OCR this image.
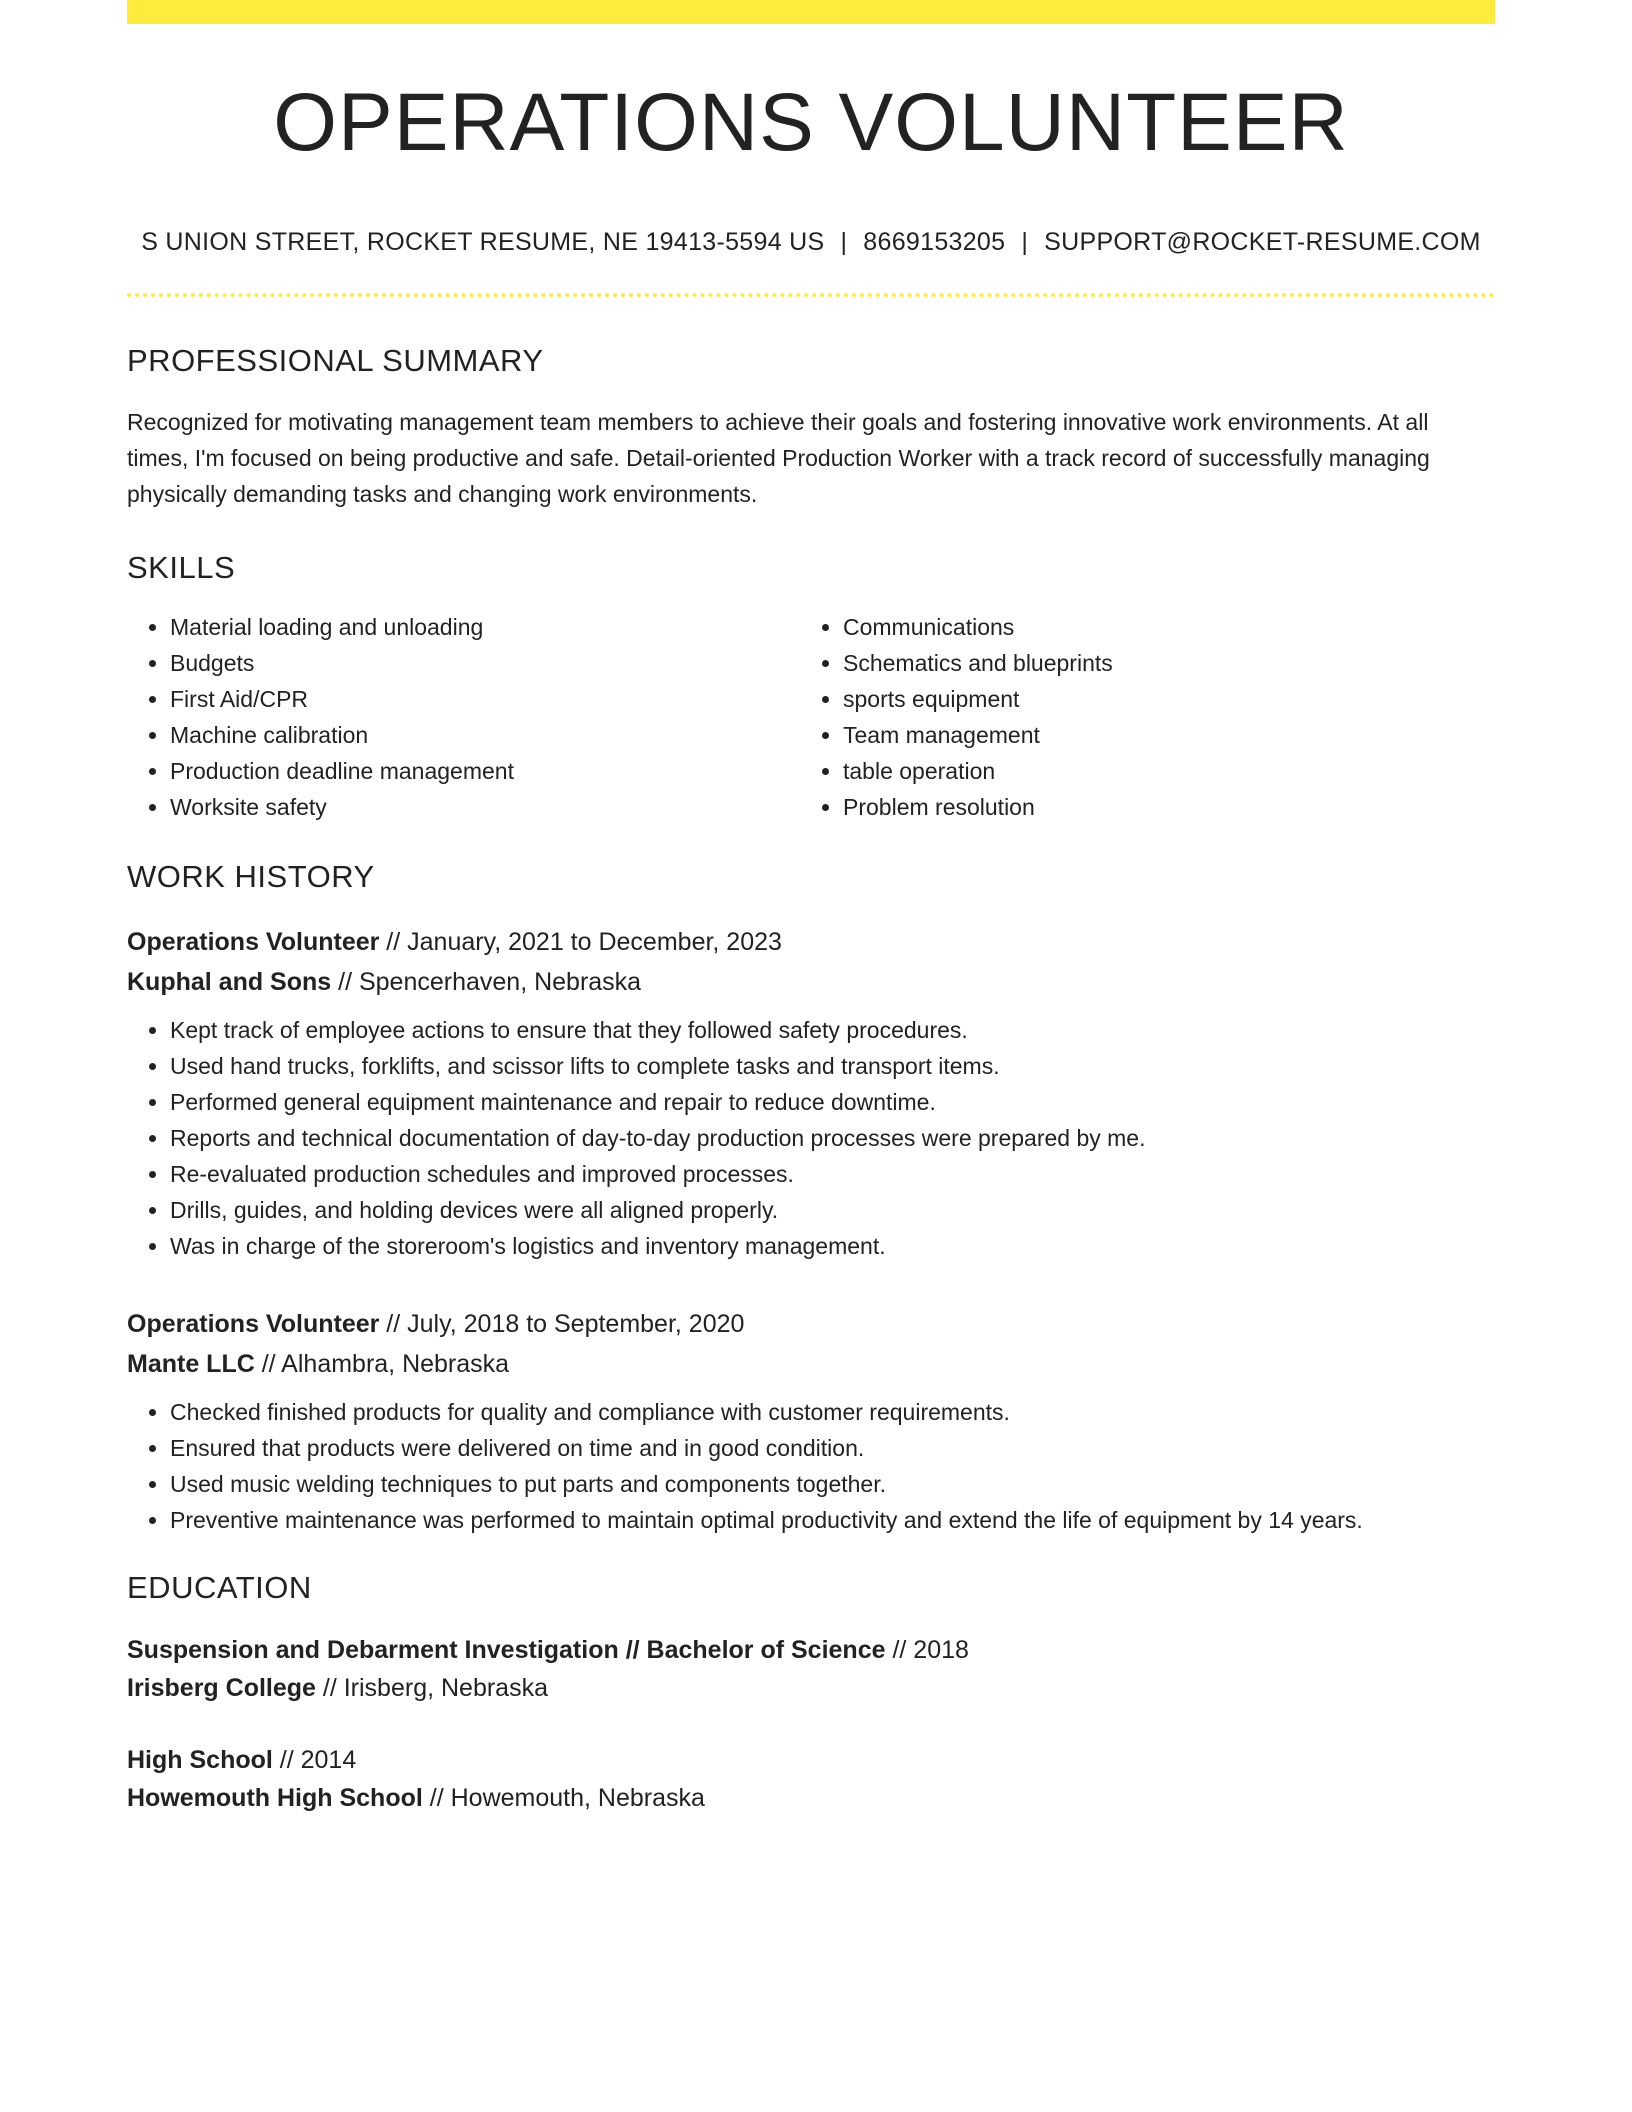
OPERATIONS VOLUNTEER
S UNION STREET, ROCKET RESUME, NE 19413-5594 US | 8669153205 | SUPPORT@ROCKET-RESUME.COM
PROFESSIONAL SUMMARY

Recognized for motivating management team members to achieve their goals and fostering innovative work environments. At all times, I'm focused on being productive and safe. Detail-oriented Production Worker with a track record of successfully managing physically demanding tasks and changing work environments.

SKILLS
• Material loading and unloading
• Budgets
• First Aid/CPR
• Machine calibration
• Production deadline management
• Worksite safety
• Communications
• Schematics and blueprints
• sports equipment
• Team management
• table operation
• Problem resolution
WORK HISTORY
Operations Volunteer // January, 2021 to December, 2023
Kuphal and Sons // Spencerhaven, Nebraska
• Kept track of employee actions to ensure that they followed safety procedures.
• Used hand trucks, forklifts, and scissor lifts to complete tasks and transport items.
• Performed general equipment maintenance and repair to reduce downtime.
• Reports and technical documentation of day-to-day production processes were prepared by me.
• Re-evaluated production schedules and improved processes.
• Drills, guides, and holding devices were all aligned properly.
• Was in charge of the storeroom's logistics and inventory management.
Operations Volunteer // July, 2018 to September, 2020
Mante LLC // Alhambra, Nebraska
• Checked finished products for quality and compliance with customer requirements.
• Ensured that products were delivered on time and in good condition.
• Used music welding techniques to put parts and components together.
• Preventive maintenance was performed to maintain optimal productivity and extend the life of equipment by 14 years.
EDUCATION
Suspension and Debarment Investigation // Bachelor of Science // 2018
Irisberg College // Irisberg, Nebraska
High School // 2014
Howemouth High School // Howemouth, Nebraska
